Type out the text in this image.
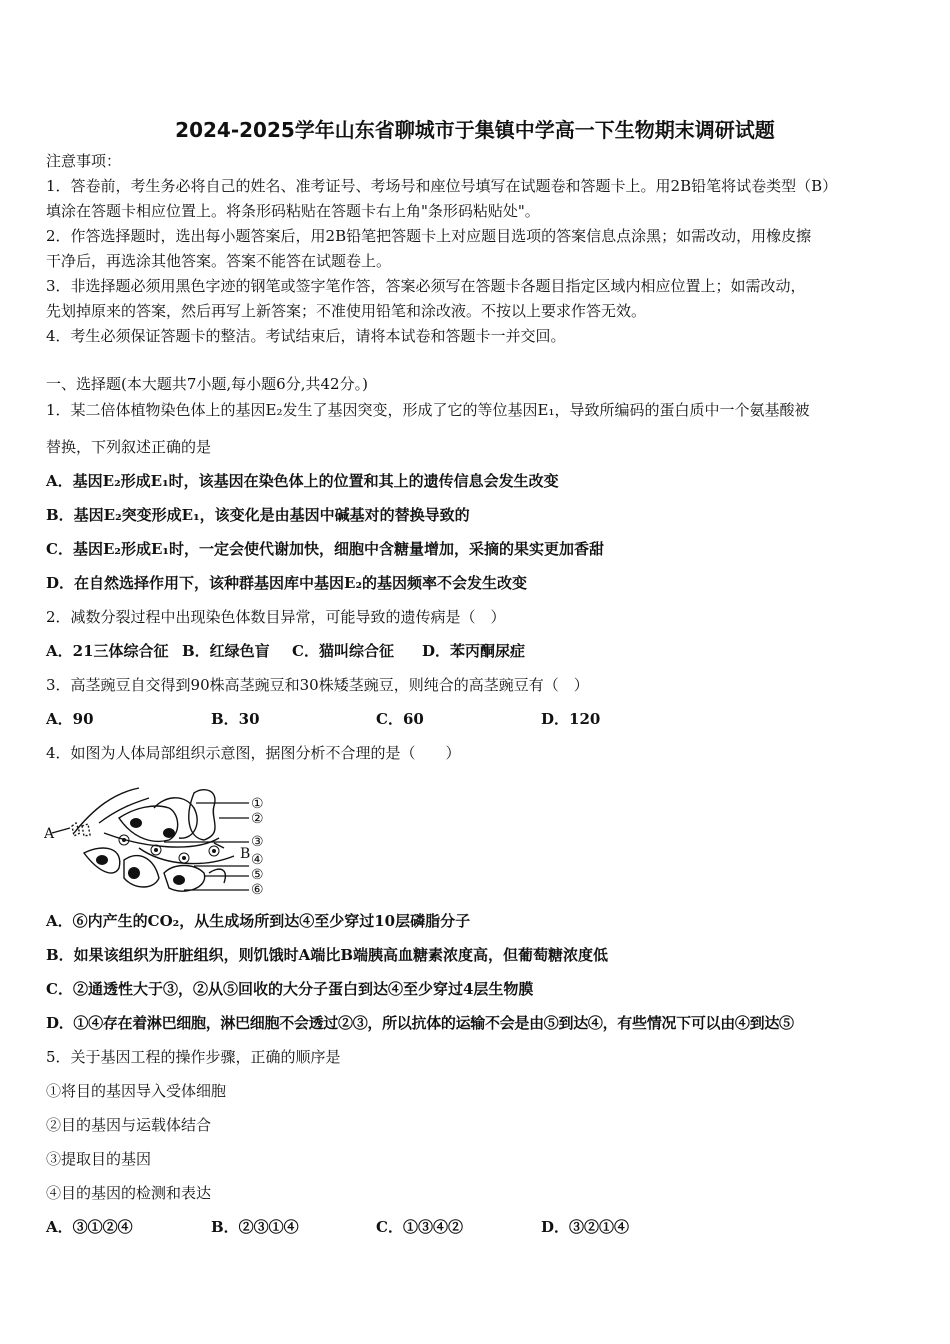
2024-2025学年山东省聊城市于集镇中学高一下生物期末调研试题
注意事项：
1．答卷前，考生务必将自己的姓名、准考证号、考场号和座位号填写在试题卷和答题卡上。用2B铅笔将试卷类型（B）
填涂在答题卡相应位置上。将条形码粘贴在答题卡右上角"条形码粘贴处"。
2．作答选择题时，选出每小题答案后，用2B铅笔把答题卡上对应题目选项的答案信息点涂黑；如需改动，用橡皮擦
干净后，再选涂其他答案。答案不能答在试题卷上。
3．非选择题必须用黑色字迹的钢笔或签字笔作答，答案必须写在答题卡各题目指定区域内相应位置上；如需改动，
先划掉原来的答案，然后再写上新答案；不准使用铅笔和涂改液。不按以上要求作答无效。
4．考生必须保证答题卡的整洁。考试结束后，请将本试卷和答题卡一并交回。
一、选择题(本大题共7小题,每小题6分,共42分。)
1．某二倍体植物染色体上的基因E₂发生了基因突变，形成了它的等位基因E₁，导致所编码的蛋白质中一个氨基酸被
替换，下列叙述正确的是
A．基因E₂形成E₁时，该基因在染色体上的位置和其上的遗传信息会发生改变
B．基因E₂突变形成E₁，该变化是由基因中碱基对的替换导致的
C．基因E₂形成E₁时，一定会使代谢加快，细胞中含糖量增加，采摘的果实更加香甜
D．在自然选择作用下，该种群基因库中基因E₂的基因频率不会发生改变
2．减数分裂过程中出现染色体数目异常，可能导致的遗传病是（　）
A．21三体综合征 B．红绿色盲 C．猫叫综合征 D．苯丙酮尿症
3．高茎豌豆自交得到90株高茎豌豆和30株矮茎豌豆，则纯合的高茎豌豆有（　）
A．90	B．30	C．60	D．120
4．如图为人体局部组织示意图，据图分析不合理的是（　　）
A
B
①
②
③
④
⑤
⑥
A．⑥内产生的CO₂，从生成场所到达④至少穿过10层磷脂分子
B．如果该组织为肝脏组织，则饥饿时A端比B端胰高血糖素浓度高，但葡萄糖浓度低
C．②通透性大于③，②从⑤回收的大分子蛋白到达④至少穿过4层生物膜
D．①④存在着淋巴细胞，淋巴细胞不会透过②③，所以抗体的运输不会是由⑤到达④，有些情况下可以由④到达⑤
5．关于基因工程的操作步骤，正确的顺序是
①将目的基因导入受体细胞
②目的基因与运载体结合
③提取目的基因
④目的基因的检测和表达
A．③①②④	B．②③①④	C．①③④②	D．③②①④
